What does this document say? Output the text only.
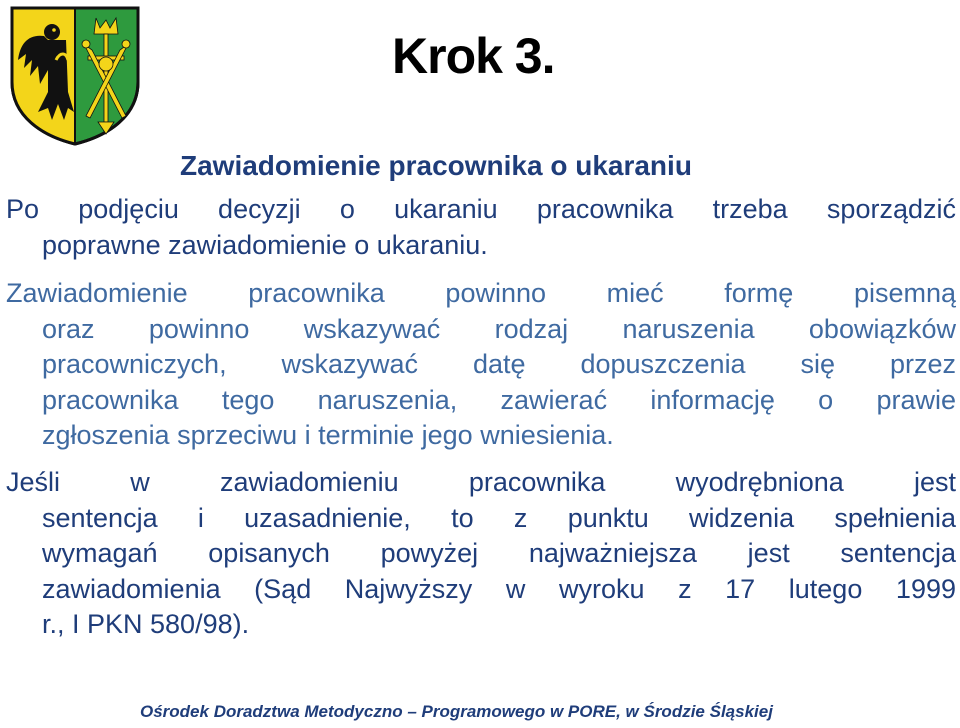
Krok 3.
Zawiadomienie pracownika o ukaraniu

Po podjęciu decyzji o ukaraniu pracownika trzeba sporządzić
poprawne zawiadomienie o ukaraniu.

Zawiadomienie pracownika powinno mieć formę pisemną
oraz powinno wskazywać rodzaj naruszenia obowiązków
pracowniczych, wskazywać datę dopuszczenia się przez
pracownika tego naruszenia, zawierać informację o prawie
zgłoszenia sprzeciwu i terminie jego wniesienia.

Jeśli w zawiadomieniu pracownika wyodrębniona jest
sentencja i uzasadnienie, to z punktu widzenia spełnienia
wymagań opisanych powyżej najważniejsza jest sentencja
zawiadomienia (Sąd Najwyższy w wyroku z 17 lutego 1999
r., I PKN 580/98).

Ośrodek Doradztwa Metodyczno – Programowego w PORE, w Środzie Śląskiej
